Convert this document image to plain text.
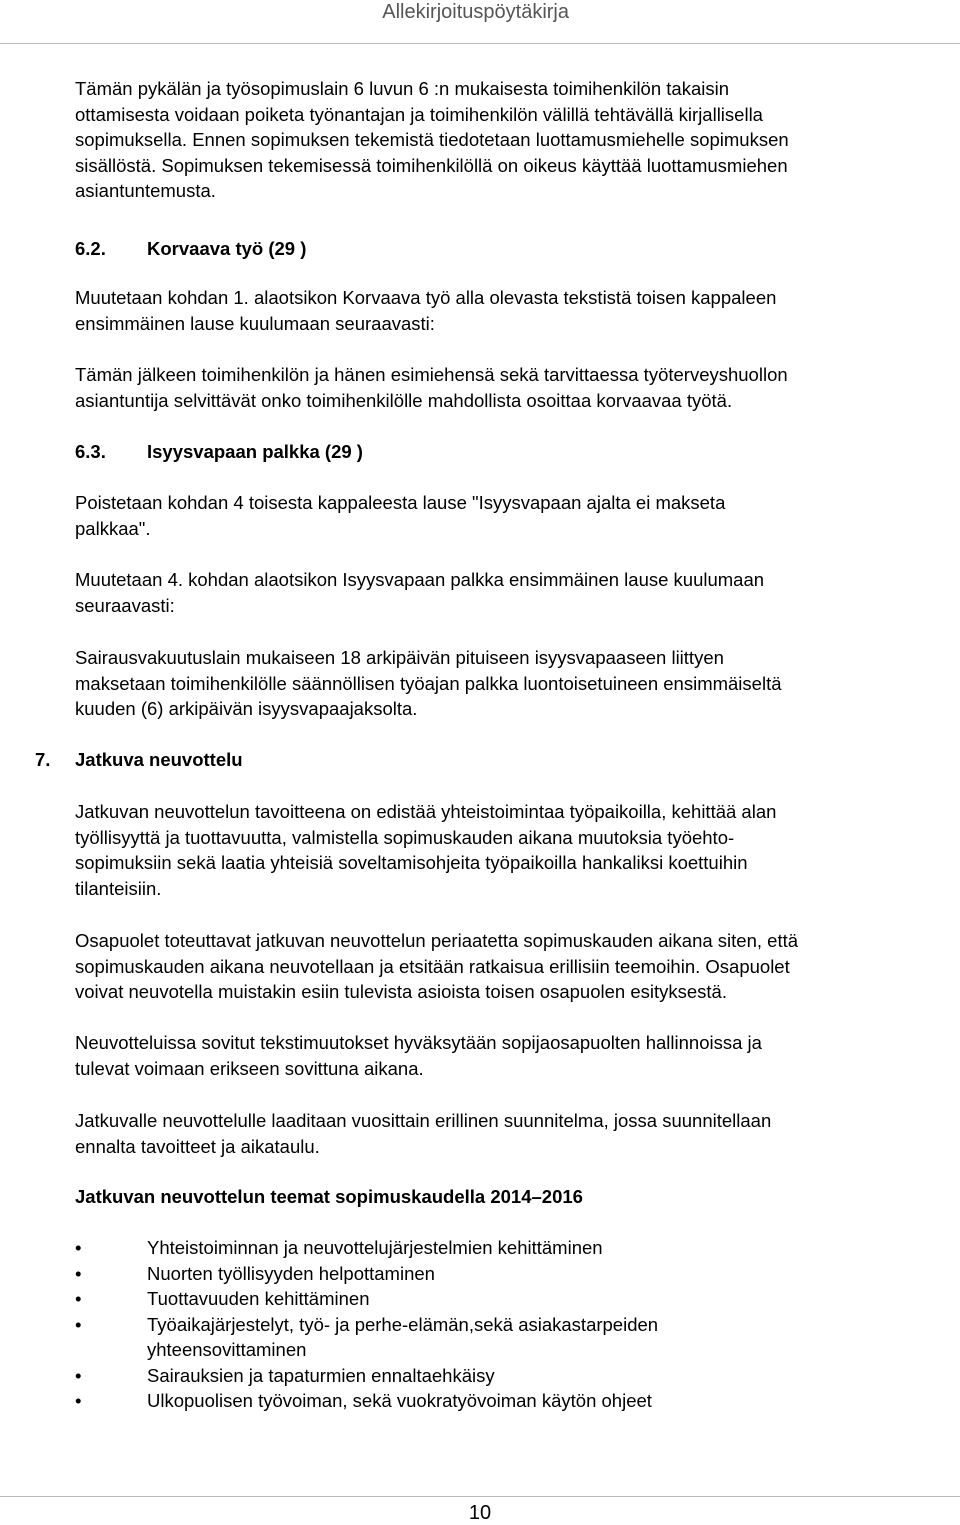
Allekirjoituspöytäkirja

Tämän pykälän ja työsopimuslain 6 luvun 6 :n mukaisesta toimihenkilön takaisin
ottamisesta voidaan poiketa työnantajan ja toimihenkilön välillä tehtävällä kirjallisella
sopimuksella. Ennen sopimuksen tekemistä tiedotetaan luottamusmiehelle sopimuksen
sisällöstä. Sopimuksen tekemisessä toimihenkilöllä on oikeus käyttää luottamusmiehen
asiantuntemusta.

6.2. Korvaava työ (29 )

Muutetaan kohdan 1. alaotsikon Korvaava työ alla olevasta tekstistä toisen kappaleen
ensimmäinen lause kuulumaan seuraavasti:

Tämän jälkeen toimihenkilön ja hänen esimiehensä sekä tarvittaessa työterveyshuollon
asiantuntija selvittävät onko toimihenkilölle mahdollista osoittaa korvaavaa työtä.

6.3. Isyysvapaan palkka (29 )

Poistetaan kohdan 4 toisesta kappaleesta lause "Isyysvapaan ajalta ei makseta
palkkaa".

Muutetaan 4. kohdan alaotsikon Isyysvapaan palkka ensimmäinen lause kuulumaan
seuraavasti:

Sairausvakuutuslain mukaiseen 18 arkipäivän pituiseen isyysvapaaseen liittyen
maksetaan toimihenkilölle säännöllisen työajan palkka luontoisetuineen ensimmäiseltä
kuuden (6) arkipäivän isyysvapaajaksolta.

7. Jatkuva neuvottelu

Jatkuvan neuvottelun tavoitteena on edistää yhteistoimintaa työpaikoilla, kehittää alan
työllisyyttä ja tuottavuutta, valmistella sopimuskauden aikana muutoksia työehto-
sopimuksiin sekä laatia yhteisiä soveltamisohjeita työpaikoilla hankaliksi koettuihin
tilanteisiin.

Osapuolet toteuttavat jatkuvan neuvottelun periaatetta sopimuskauden aikana siten, että
sopimuskauden aikana neuvotellaan ja etsitään ratkaisua erillisiin teemoihin. Osapuolet
voivat neuvotella muistakin esiin tulevista asioista toisen osapuolen esityksestä.

Neuvotteluissa sovitut tekstimuutokset hyväksytään sopijaosapuolten hallinnoissa ja
tulevat voimaan erikseen sovittuna aikana.

Jatkuvalle neuvottelulle laaditaan vuosittain erillinen suunnitelma, jossa suunnitellaan
ennalta tavoitteet ja aikataulu.

Jatkuvan neuvottelun teemat sopimuskaudella 2014–2016
•	Yhteistoiminnan ja neuvottelujärjestelmien kehittäminen
•	Nuorten työllisyyden helpottaminen
•	Tuottavuuden kehittäminen
•	Työaikajärjestelyt, työ- ja perhe-elämän,sekä asiakastarpeiden
yhteensovittaminen
•	Sairauksien ja tapaturmien ennaltaehkäisy
•	Ulkopuolisen työvoiman, sekä vuokratyövoiman käytön ohjeet
10
